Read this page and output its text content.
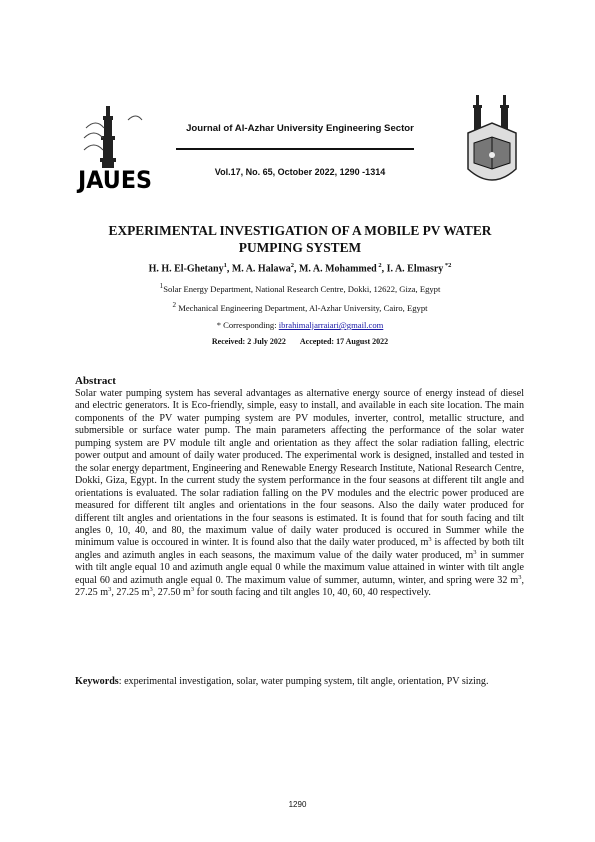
JAUES
Journal of Al-Azhar University Engineering Sector
Vol.17, No. 65, October 2022, 1290 -1314
EXPERIMENTAL INVESTIGATION OF A MOBILE PV WATER PUMPING SYSTEM
H. H. El-Ghetany$^1$, M. A. Halawa$^2$, M. A. Mohammed $^2$, I. A. Elmasry $^{*2}$
$^1$Solar Energy Department, National Research Centre, Dokki, 12622, Giza, Egypt
$^2$ Mechanical Engineering Department, Al-Azhar University, Cairo, Egypt
* Corresponding: ibrahimaljarraiari@gmail.com
Received: 2 July 2022 Accepted: 17 August 2022
Abstract
Solar water pumping system has several advantages as alternative energy source of energy instead of diesel and electric generators. It is Eco-friendly, simple, easy to install, and available in each site location. The main components of the PV water pumping system are PV modules, inverter, control, metallic structure, and submersible or surface water pump. The main parameters affecting the performance of the solar water pumping system are PV module tilt angle and orientation as they affect the solar radiation falling, electric power output and amount of daily water produced. The experimental work is designed, installed and tested in the solar energy department, Engineering and Renewable Energy Research Institute, National Research Centre, Dokki, Giza, Egypt. In the current study the system performance in the four seasons at different tilt angle and orientations is evaluated. The solar radiation falling on the PV modules and the electric power produced are measured for different tilt angles and orientations in the four seasons. Also the daily water produced for different tilt angles and orientations in the four seasons is estimated. It is found that for south facing and tilt angles 0, 10, 40, and 80, the maximum value of daily water produced is occured in Summer while the minimum value is occoured in winter. It is found also that the daily water produced, $m^3$ is affected by both tilt angles and azimuth angles in each seasons, the maximum value of the daily water produced, $m^3$ in summer with tilt angle equal 10 and azimuth angle equal 0 while the maximum value attained in winter with tilt angle equal 60 and azimuth angle equal 0. The maximum value of summer, autumn, winter, and spring were 32 $m^3$, 27.25 $m^3$, 27.25 $m^3$, 27.50 $m^3$ for south facing and tilt angles 10, 40, 60, 40 respectively.
Keywords: experimental investigation, solar, water pumping system, tilt angle, orientation, PV sizing.
1290
